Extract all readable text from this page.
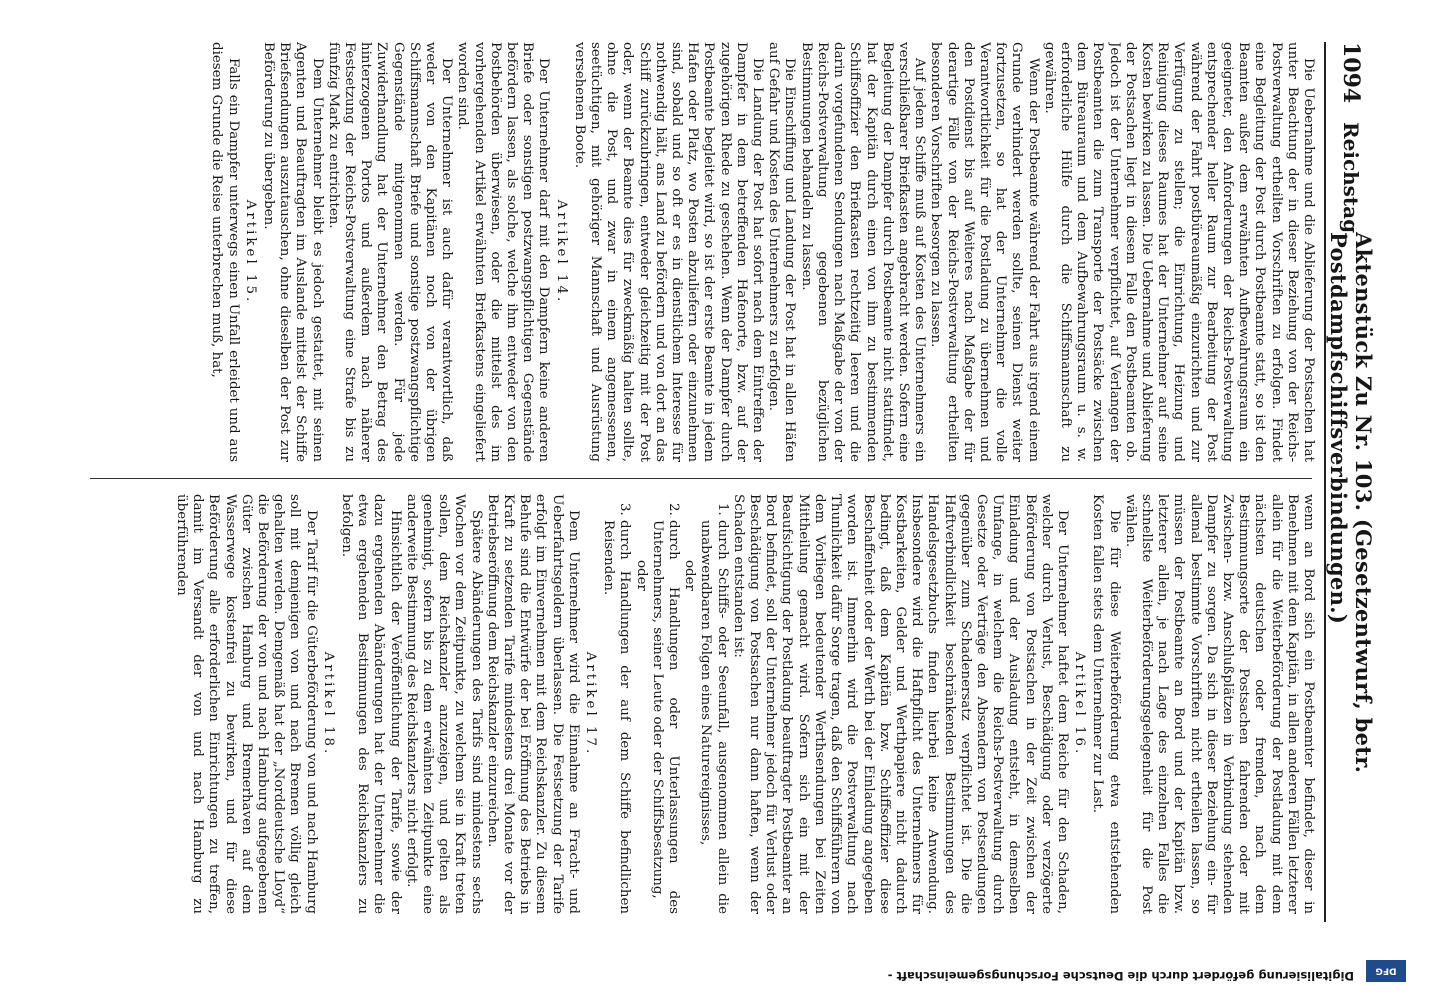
1094
Reichstag.
Aktenstück Zu Nr. 103. (Gesetzentwurf, betr. Postdampfschiffsverbindungen.)

Die Uebernahme und die Ablieferung der Postsachen hat unter Beachtung der in dieser Beziehung von der Reichs-Postverwaltung ertheilten Vorschriften zu erfolgen. Findet eine Begleitung der Post durch Postbeamte statt, so ist den Beamten außer dem erwähnten Aufbewahrungsraum ein geeigneter, den Anforderungen der Reichs-Postverwaltung entsprechender heller Raum zur Bearbeitung der Post während der Fahrt postbüreaumäßig einzurichten und zur Verfügung zu stellen; die Einrichtung, Heizung und Reinigung dieses Raumes hat der Unternehmer auf seine Kosten bewirken zu lassen. Die Uebernahme und Ablieferung der Postsachen liegt in diesem Falle den Postbeamten ob. Jedoch ist der Unternehmer verpflichtet, auf Verlangen der Postbeamten die zum Transporte der Postsäcke zwischen dem Büreauraum und dem Aufbewahrungsraum u. s. w. erforderliche Hülfe durch die Schiffsmannschaft zu gewähren.

Wenn der Postbeamte während der Fahrt aus irgend einem Grunde verhindert werden sollte, seinen Dienst weiter fortzusetzen, so hat der Unternehmer die volle Verantwortlichkeit für die Postladung zu übernehmen und den Postdienst bis auf Weiteres nach Maßgabe der für derartige Fälle von der Reichs-Postverwaltung ertheilten besonderen Vorschriften besorgen zu lassen.

Auf jedem Schiffe muß auf Kosten des Unternehmers ein verschließbarer Briefkasten angebracht werden. Sofern eine Begleitung der Dampfer durch Postbeamte nicht stattfindet, hat der Kapitän durch einen von ihm zu bestimmenden Schiffsoffizier den Briefkasten rechtzeitig leeren und die darin vorgefundenen Sendungen nach Maßgabe der von der Reichs-Postverwaltung gegebenen bezüglichen Bestimmungen behandeln zu lassen.

Die Einschiffung und Landung der Post hat in allen Häfen auf Gefahr und Kosten des Unternehmers zu erfolgen.

Die Landung der Post hat sofort nach dem Eintreffen der Dampfer in dem betreffenden Hafenorte, bzw. auf der zugehörigen Rhede zu geschehen. Wenn der Dampfer durch Postbeamte begleitet wird, so ist der erste Beamte in jedem Hafen oder Platz, wo Posten abzuliefern oder einzunehmen sind, sobald und so oft er es in dienstlichem Interesse für nothwendig hält, ans Land zu befördern und von dort an das Schiff zurückzubringen, entweder gleichzeitig mit der Post oder, wenn der Beamte dies für zweckmäßig halten sollte, ohne die Post, und zwar in einem angemessenen, seetüchtigen, mit gehöriger Mannschaft und Ausrüstung versehenen Boote.

Artikel 14.

Der Unternehmer darf mit den Dampfern keine anderen Briefe oder sonstigen postzwangspflichtigen Gegenstände befördern lassen, als solche, welche ihm entweder von den Postbehörden überwiesen, oder die mittelst des im vorhergehenden Artikel erwähnten Briefkastens eingeliefert worden sind.

Der Unternehmer ist auch dafür verantwortlich, daß weder von den Kapitänen noch von der übrigen Schiffsmannschaft Briefe und sonstige postzwangspflichtige Gegenstände mitgenommen werden. Für jede Zuwiderhandlung hat der Unternehmer den Betrag des hinterzogenen Portos und außerdem nach näherer Festsetzung der Reichs-Postverwaltung eine Strafe bis zu fünfzig Mark zu entrichten.

Dem Unternehmer bleibt es jedoch gestattet, mit seinen Agenten und Beauftragten im Auslande mittelst der Schiffe Briefsendungen auszutauschen, ohne dieselben der Post zur Beförderung zu übergeben.

Artikel 15.

Falls ein Dampfer unterwegs einen Unfall erleidet und aus diesem Grunde die Reise unterbrechen muß, hat,

wenn an Bord sich ein Postbeamter befindet, dieser in Benehmen mit dem Kapitän, in allen anderen Fällen letzterer allein für die Weiterbeförderung der Postladung mit dem nächsten deutschen oder fremden, nach dem Bestimmungsorte der Postsachen fahrenden oder mit Zwischen- bzw. Anschlußplätzen in Verbindung stehenden Dampfer zu sorgen. Da sich in dieser Beziehung ein- für allemal bestimmte Vorschriften nicht ertheilen lassen, so müssen der Postbeamte an Bord und der Kapitän bzw. letzterer allein, je nach Lage des einzelnen Falles die schnellste Weiterbeförderungsgelegenheit für die Post wählen.

Die für diese Weiterbeförderung etwa entstehenden Kosten fallen stets dem Unternehmer zur Last.

Artikel 16.

Der Unternehmer haftet dem Reiche für den Schaden, welcher durch Verlust, Beschädigung oder verzögerte Beförderung von Postsachen in der Zeit zwischen der Einladung und der Ausladung entsteht, in demselben Umfange, in welchem die Reichs-Postverwaltung durch Gesetze oder Verträge den Absendern von Postsendungen gegenüber zum Schadenersatz verpflichtet ist. Die die Haftverbindlichkeit beschränkenden Bestimmungen des Handelsgesetzbuchs finden hierbei keine Anwendung. Insbesondere wird die Haftpflicht des Unternehmers für Kostbarkeiten, Gelder und Werthpapiere nicht dadurch bedingt, daß dem Kapitän bzw. Schiffsoffizier diese Beschaffenheit oder der Werth bei der Einladung angegeben worden ist. Immerhin wird die Postverwaltung nach Thunlichkeit dafür Sorge tragen, daß den Schiffsführern von dem Vorliegen bedeutender Werthsendungen bei Zeiten Mittheilung gemacht wird. Sofern sich ein mit der Beaufsichtigung der Postladung beauftragter Postbeamter an Bord befindet, soll der Unternehmer jedoch für Verlust oder Beschädigung von Postsachen nur dann haften, wenn der Schaden entstanden ist:

1. durch Schiffs- oder Seeunfall, ausgenommen allein die unabwendbaren Folgen eines Naturereignisses,

oder

2. durch Handlungen oder Unterlassungen des Unternehmers, seiner Leute oder der Schiffsbesatzung,

oder

3. durch Handlungen der auf dem Schiffe befindlichen Reisenden.

Artikel 17.

Dem Unternehmer wird die Einnahme an Fracht- und Ueberfahrtsgeldern überlassen. Die Festsetzung der Tarife erfolgt im Einvernehmen mit dem Reichskanzler. Zu diesem Behufe sind die Entwürfe der bei Eröffnung des Betriebs in Kraft zu setzenden Tarife mindestens drei Monate vor der Betriebseröffnung dem Reichskanzler einzureichen.

Spätere Abänderungen des Tarifs sind mindestens sechs Wochen vor dem Zeitpunkte, zu welchem sie in Kraft treten sollen, dem Reichskanzler anzuzeigen, und gelten als genehmigt, sofern bis zu dem erwähnten Zeitpunkte eine anderweite Bestimmung des Reichskanzlers nicht erfolgt.

Hinsichtlich der Veröffentlichung der Tarife, sowie der dazu ergehenden Abänderungen hat der Unternehmer die etwa ergehenden Bestimmungen des Reichskanzlers zu befolgen.

Artikel 18.

Der Tarif für die Güterbeförderung von und nach Hamburg soll mit demjenigen von und nach Bremen völlig gleich gehalten werden. Demgemäß hat der „Norddeutsche Lloyd“ die Beförderung der von und nach Hamburg aufgegebenen Güter zwischen Hamburg und Bremerhaven auf dem Wasserwege kostenfrei zu bewirken, und für diese Beförderung alle erforderlichen Einrichtungen zu treffen, damit im Versandt der von und nach Hamburg zu überführenden

DFG
Digitalisierung gefördert durch die Deutsche Forschungsgemeinschaft -
